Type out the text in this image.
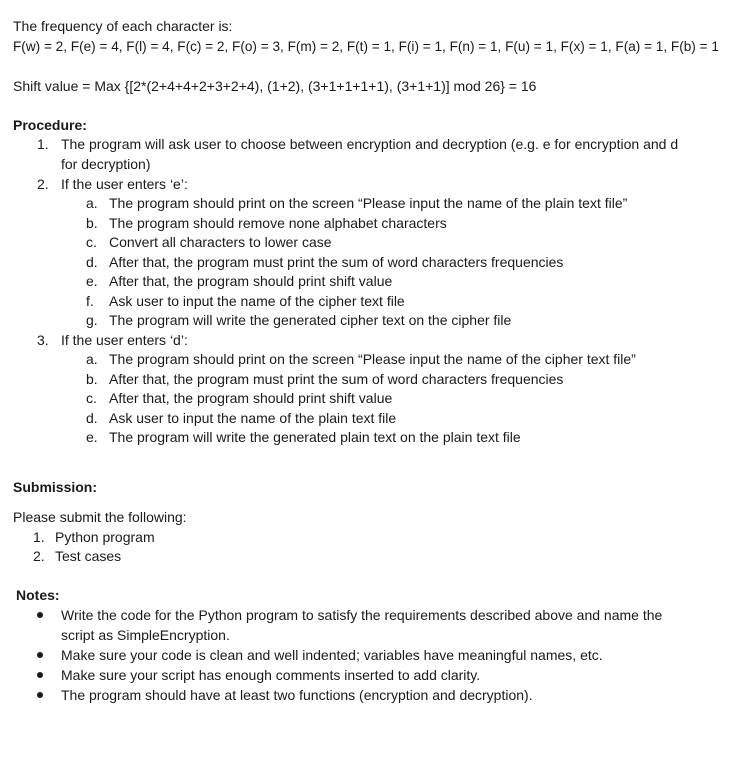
The frequency of each character is:
F(w) = 2, F(e) = 4, F(l) = 4, F(c) = 2, F(o) = 3, F(m) = 2, F(t) = 1, F(i) = 1, F(n) = 1, F(u) = 1, F(x) = 1, F(a) = 1, F(b) = 1
Shift value = Max {[2*(2+4+4+2+3+2+4), (1+2), (3+1+1+1+1), (3+1+1)] mod 26} = 16
Procedure:
1. The program will ask user to choose between encryption and decryption (e.g. e for encryption and d
for decryption)
2. If the user enters ‘e’:
a. The program should print on the screen “Please input the name of the plain text file”
b. The program should remove none alphabet characters
c. Convert all characters to lower case
d. After that, the program must print the sum of word characters frequencies
e. After that, the program should print shift value
f. Ask user to input the name of the cipher text file
g. The program will write the generated cipher text on the cipher file
3. If the user enters ‘d’:
a. The program should print on the screen “Please input the name of the cipher text file”
b. After that, the program must print the sum of word characters frequencies
c. After that, the program should print shift value
d. Ask user to input the name of the plain text file
e. The program will write the generated plain text on the plain text file
Submission:
Please submit the following:
1. Python program
2. Test cases
Notes:
Write the code for the Python program to satisfy the requirements described above and name the
script as SimpleEncryption.
Make sure your code is clean and well indented; variables have meaningful names, etc.
Make sure your script has enough comments inserted to add clarity.
The program should have at least two functions (encryption and decryption).
